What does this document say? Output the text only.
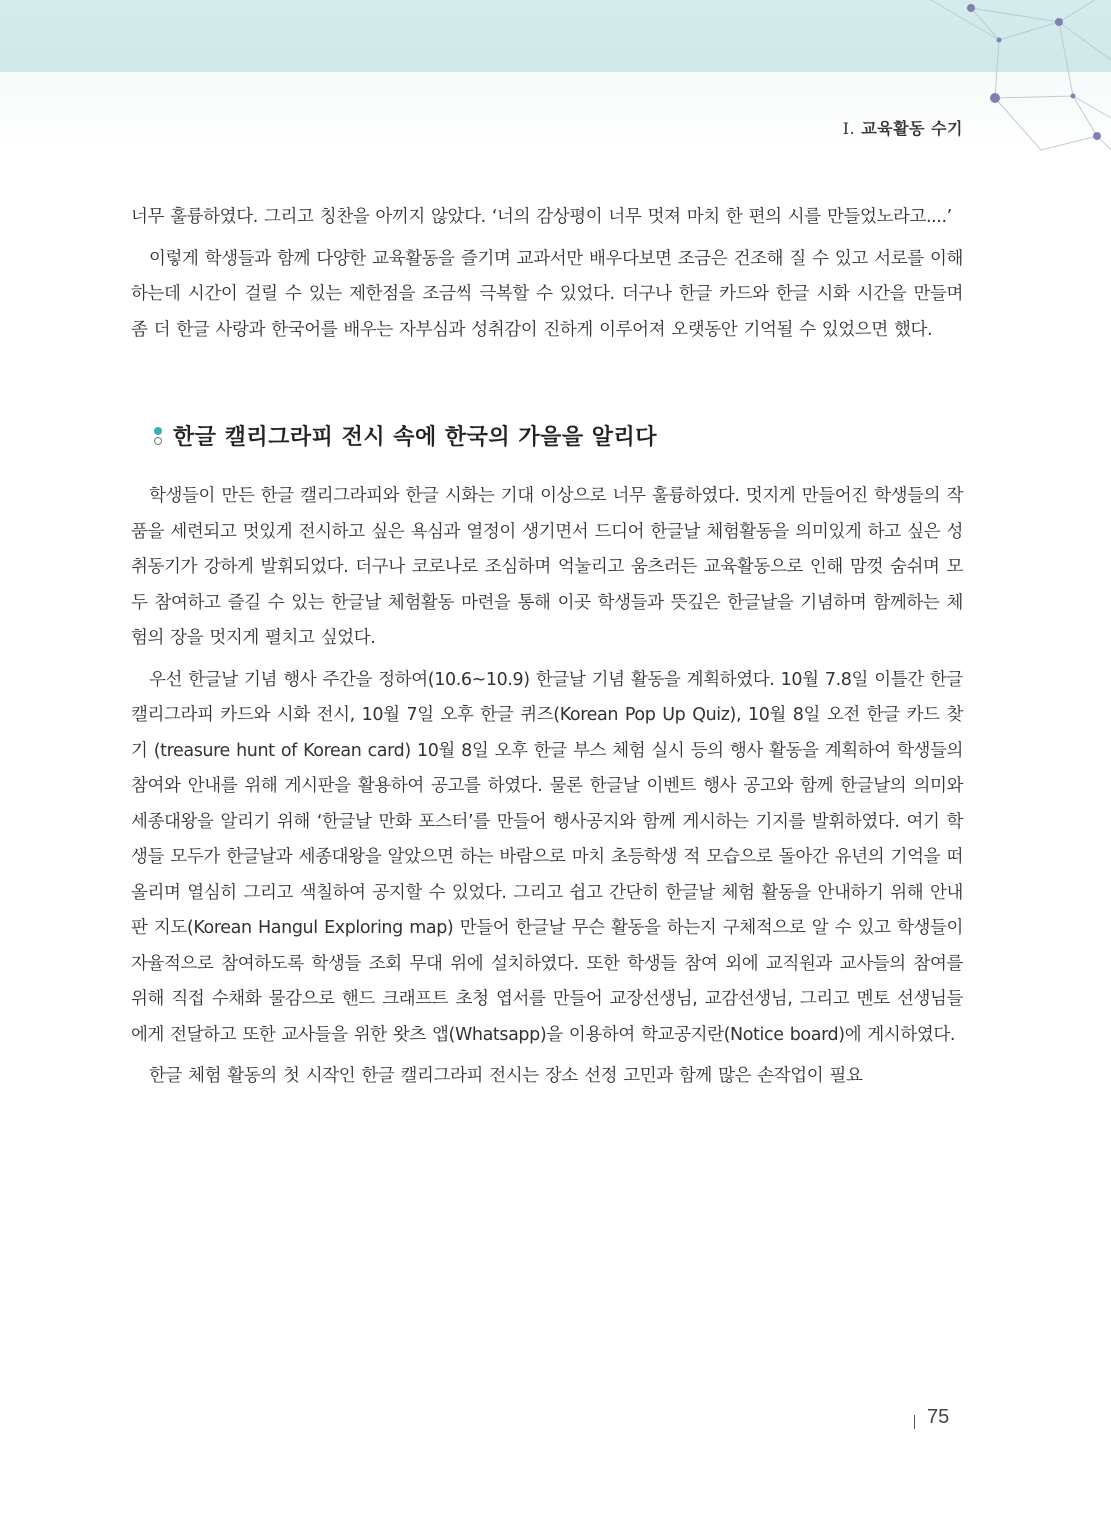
Ⅰ. 교육활동 수기

너무 훌륭하였다. 그리고 칭찬을 아끼지 않았다. ‘너의 감상평이 너무 멋져 마치 한 편의 시를 만들었노라고....’

이렇게 학생들과 함께 다양한 교육활동을 즐기며 교과서만 배우다보면 조금은 건조해 질 수 있고 서로를 이해하는데 시간이 걸릴 수 있는 제한점을 조금씩 극복할 수 있었다. 더구나 한글 카드와 한글 시화 시간을 만들며 좀 더 한글 사랑과 한국어를 배우는 자부심과 성취감이 진하게 이루어져 오랫동안 기억될 수 있었으면 했다.

한글 캘리그라피 전시 속에 한국의 가을을 알리다

학생들이 만든 한글 캘리그라피와 한글 시화는 기대 이상으로 너무 훌륭하였다. 멋지게 만들어진 학생들의 작품을 세련되고 멋있게 전시하고 싶은 욕심과 열정이 생기면서 드디어 한글날 체험활동을 의미있게 하고 싶은 성취동기가 강하게 발휘되었다. 더구나 코로나로 조심하며 억눌리고 움츠러든 교육활동으로 인해 맘껏 숨쉬며 모두 참여하고 즐길 수 있는 한글날 체험활동 마련을 통해 이곳 학생들과 뜻깊은 한글날을 기념하며 함께하는 체험의 장을 멋지게 펼치고 싶었다.

우선 한글날 기념 행사 주간을 정하여(10.6~10.9) 한글날 기념 활동을 계획하였다. 10월 7.8일 이틀간 한글 캘리그라피 카드와 시화 전시, 10월 7일 오후 한글 퀴즈(Korean Pop Up Quiz), 10월 8일 오전 한글 카드 찾기 (treasure hunt of Korean card) 10월 8일 오후 한글 부스 체험 실시 등의 행사 활동을 계획하여 학생들의 참여와 안내를 위해 게시판을 활용하여 공고를 하였다. 물론 한글날 이벤트 행사 공고와 함께 한글날의 의미와 세종대왕을 알리기 위해 ‘한글날 만화 포스터’를 만들어 행사공지와 함께 게시하는 기지를 발휘하였다. 여기 학생들 모두가 한글날과 세종대왕을 알았으면 하는 바람으로 마치 초등학생 적 모습으로 돌아간 유년의 기억을 떠올리며 열심히 그리고 색칠하여 공지할 수 있었다. 그리고 쉽고 간단히 한글날 체험 활동을 안내하기 위해 안내판 지도(Korean Hangul Exploring map) 만들어 한글날 무슨 활동을 하는지 구체적으로 알 수 있고 학생들이 자율적으로 참여하도록 학생들 조회 무대 위에 설치하였다. 또한 학생들 참여 외에 교직원과 교사들의 참여를 위해 직접 수채화 물감으로 핸드 크래프트 초청 엽서를 만들어 교장선생님, 교감선생님, 그리고 멘토 선생님들에게 전달하고 또한 교사들을 위한 왓츠 앱(Whatsapp)을 이용하여 학교공지란(Notice board)에 게시하였다.

한글 체험 활동의 첫 시작인 한글 캘리그라피 전시는 장소 선정 고민과 함께 많은 손작업이 필요

75
